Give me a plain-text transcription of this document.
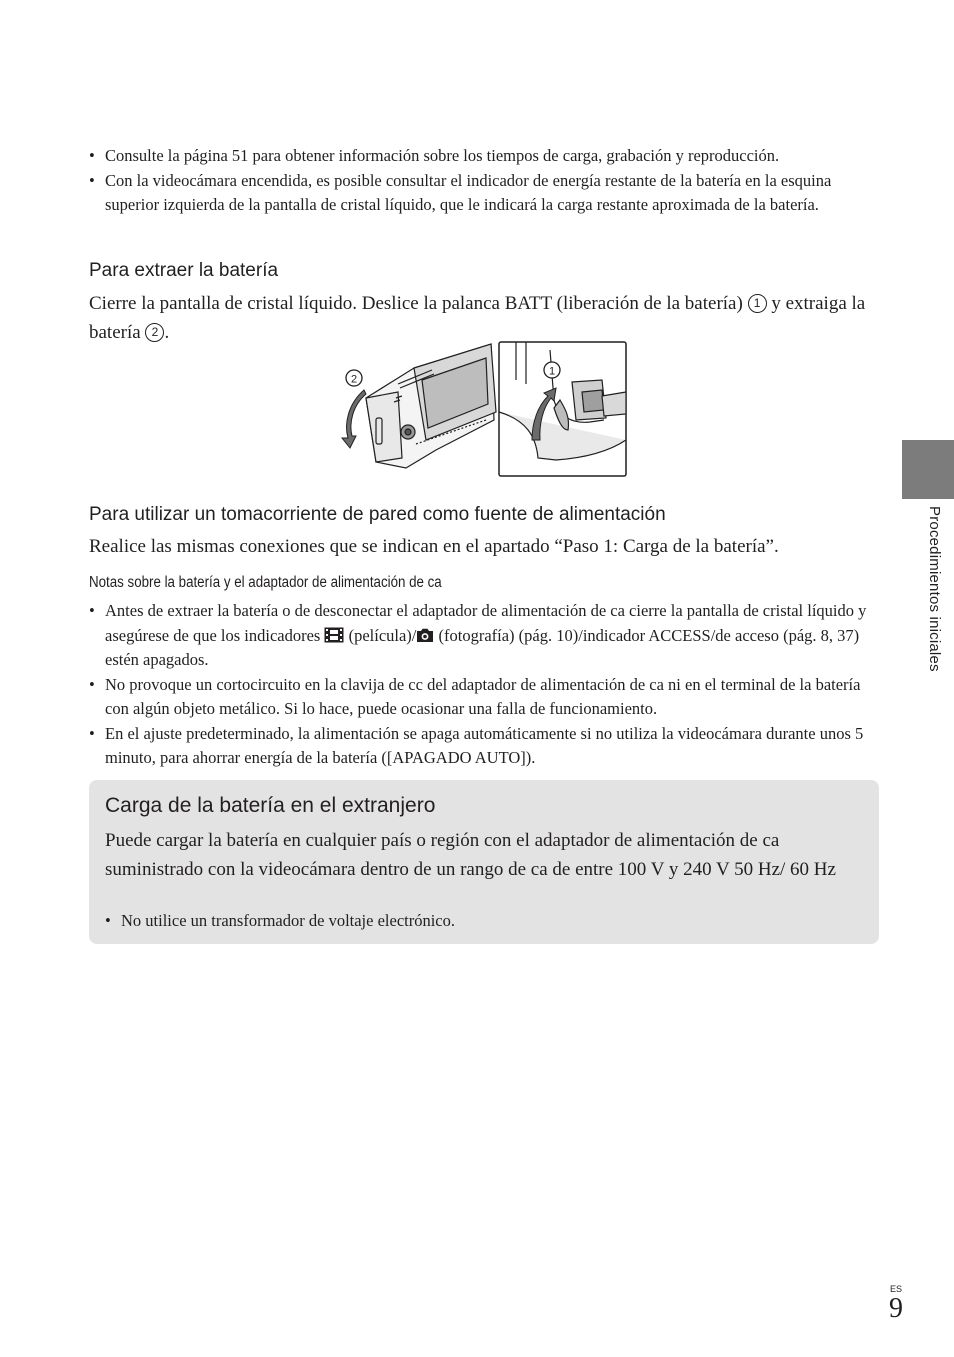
• Consulte la página 51 para obtener información sobre los tiempos de carga, grabación y reproducción.
• Con la videocámara encendida, es posible consultar el indicador de energía restante de la batería en la esquina superior izquierda de la pantalla de cristal líquido, que le indicará la carga restante aproximada de la batería.
Para extraer la batería
Cierre la pantalla de cristal líquido. Deslice la palanca BATT (liberación de la batería) 1 y extraiga la batería 2 .
2
1
Para utilizar un tomacorriente de pared como fuente de alimentación
Realice las mismas conexiones que se indican en el apartado “Paso 1: Carga de la batería”.
Notas sobre la batería y el adaptador de alimentación de ca
• Antes de extraer la batería o de desconectar el adaptador de alimentación de ca cierre la pantalla de cristal líquido y asegúrese de que los indicadores  (película)/ (fotografía) (pág. 10)/indicador ACCESS/de acceso (pág. 8, 37) estén apagados.
• No provoque un cortocircuito en la clavija de cc del adaptador de alimentación de ca ni en el terminal de la batería con algún objeto metálico. Si lo hace, puede ocasionar una falla de funcionamiento.
• En el ajuste predeterminado, la alimentación se apaga automáticamente si no utiliza la videocámara durante unos 5 minuto, para ahorrar energía de la batería ([APAGADO AUTO]).
Carga de la batería en el extranjero
Puede cargar la batería en cualquier país o región con el adaptador de alimentación de ca suministrado con la videocámara dentro de un rango de ca de entre 100 V y 240 V 50 Hz/ 60 Hz
• No utilice un transformador de voltaje electrónico.
Procedimientos iniciales
ES
9
